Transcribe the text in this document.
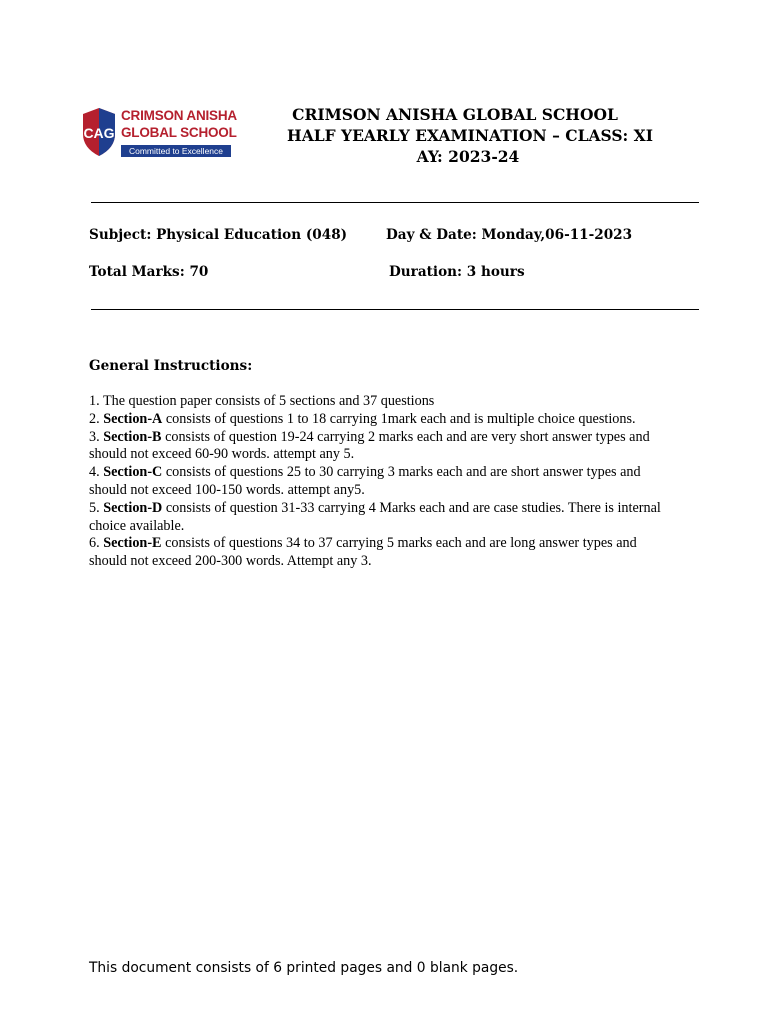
CAG
CRIMSON ANISHA
GLOBAL SCHOOL
Committed to Excellence
CRIMSON ANISHA GLOBAL SCHOOL
HALF YEARLY EXAMINATION – CLASS: XI
AY: 2023-24
Subject: Physical Education (048)	Day & Date: Monday,06-11-2023
Total Marks: 70	Duration: 3 hours
General Instructions:
1. The question paper consists of 5 sections and 37 questions
2. Section-A consists of questions 1 to 18 carrying 1mark each and is multiple choice questions.
3. Section-B consists of question 19-24 carrying 2 marks each and are very short answer types and should not exceed 60-90 words. attempt any 5.
4. Section-C consists of questions 25 to 30 carrying 3 marks each and are short answer types and should not exceed 100-150 words. attempt any5.
5. Section-D consists of question 31-33 carrying 4 Marks each and are case studies. There is internal choice available.
6. Section-E consists of questions 34 to 37 carrying 5 marks each and are long answer types and should not exceed 200-300 words. Attempt any 3.
This document consists of 6 printed pages and 0 blank pages.
